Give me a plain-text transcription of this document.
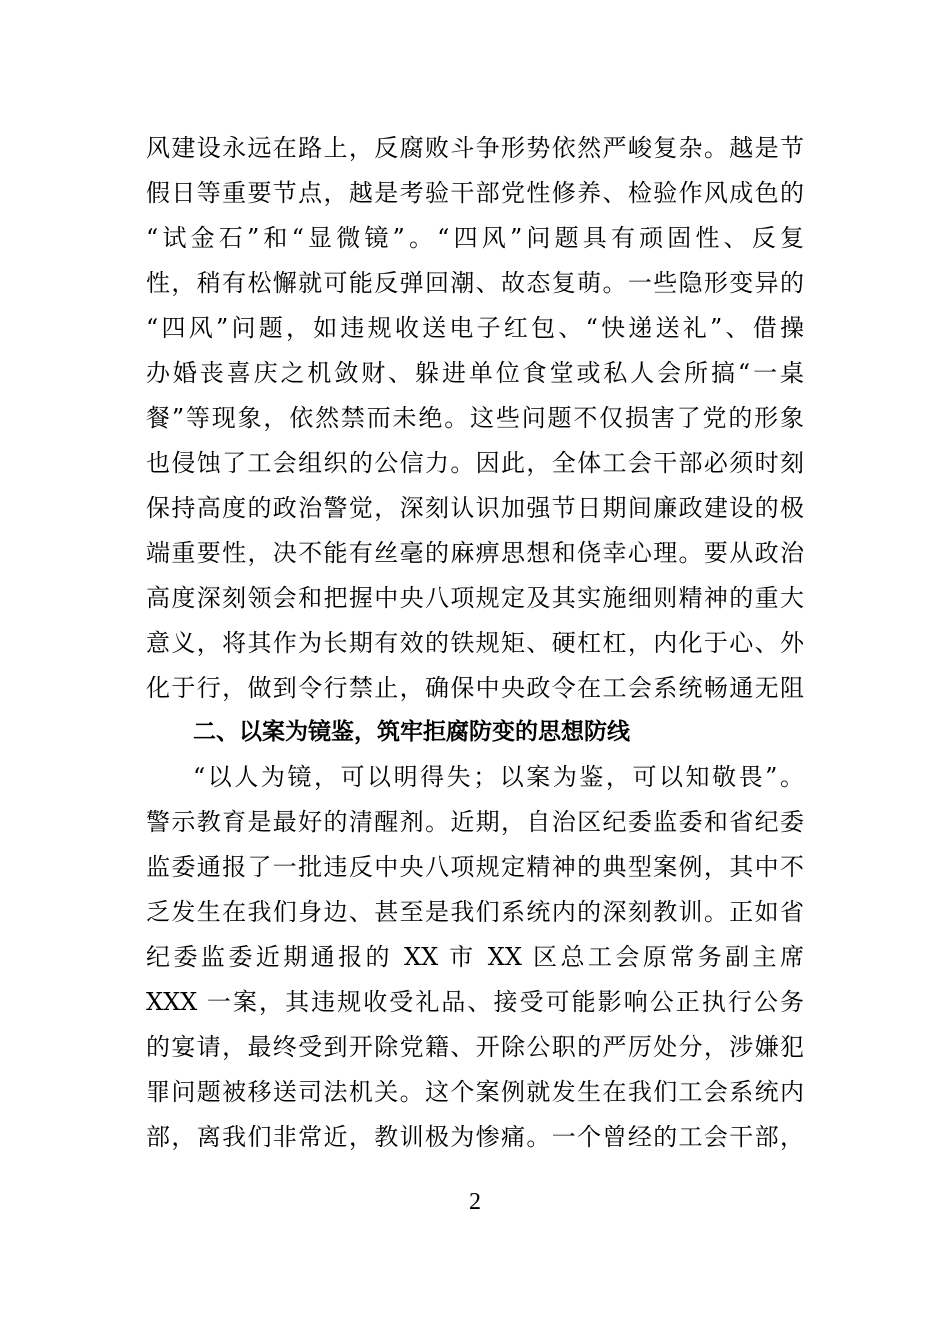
风建设永远在路上，反腐败斗争形势依然严峻复杂。越是节
假日等重要节点，越是考验干部党性修养、检验作风成色的
“试金石”和“显微镜”。“四风”问题具有顽固性、反复
性，稍有松懈就可能反弹回潮、故态复萌。一些隐形变异的
“四风”问题，如违规收送电子红包、“快递送礼”、借操
办婚丧喜庆之机敛财、躲进单位食堂或私人会所搞“一桌
餐”等现象，依然禁而未绝。这些问题不仅损害了党的形象
也侵蚀了工会组织的公信力。因此，全体工会干部必须时刻
保持高度的政治警觉，深刻认识加强节日期间廉政建设的极
端重要性，决不能有丝毫的麻痹思想和侥幸心理。要从政治
高度深刻领会和把握中央八项规定及其实施细则精神的重大
意义，将其作为长期有效的铁规矩、硬杠杠，内化于心、外
化于行，做到令行禁止，确保中央政令在工会系统畅通无阻
二、以案为镜鉴，筑牢拒腐防变的思想防线
“以人为镜，可以明得失；以案为鉴，可以知敬畏”。
警示教育是最好的清醒剂。近期，自治区纪委监委和省纪委
监委通报了一批违反中央八项规定精神的典型案例，其中不
乏发生在我们身边、甚至是我们系统内的深刻教训。正如省
纪委监委近期通报的 XX 市 XX 区总工会原常务副主席
XXX 一案，其违规收受礼品、接受可能影响公正执行公务
的宴请，最终受到开除党籍、开除公职的严厉处分，涉嫌犯
罪问题被移送司法机关。这个案例就发生在我们工会系统内
部，离我们非常近，教训极为惨痛。一个曾经的工会干部，
2
